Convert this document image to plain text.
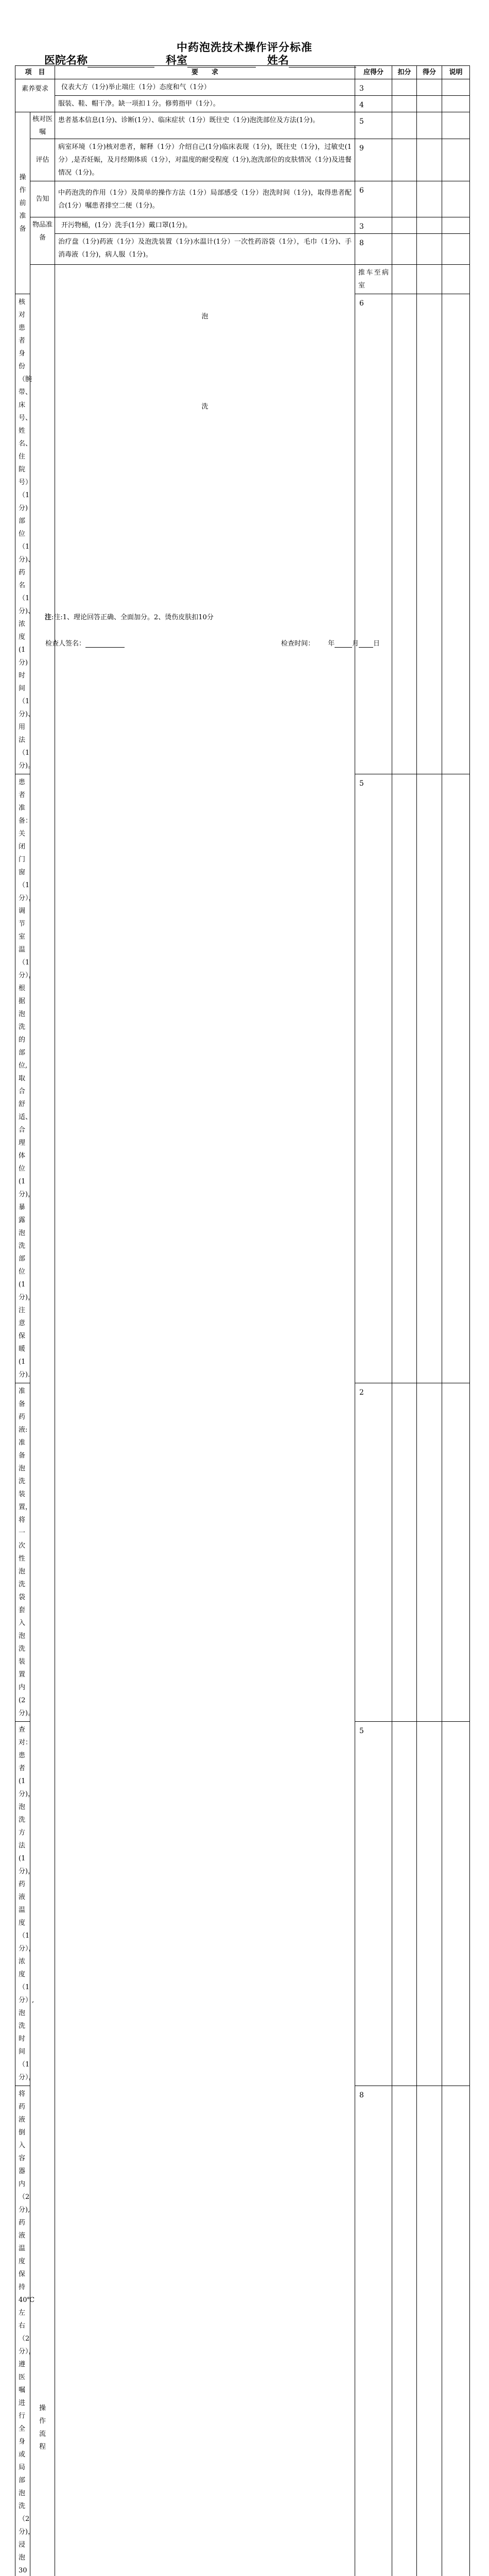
中药泡洗技术操作评分标准
医院名称	科室	姓名
项　目		要　　求	应得分	扣分	得分	说明	
素养要求		仪表大方（1分)举止端庄（1分）态度和气（1分）	3				
		服装、鞋、帽干净。缺一项扣１分。修剪指甲（1分）。	4				

操
作
前
准
备	核对医嘱	患者基本信息(1分)、诊断(1分）、临床症状（1分）既往史（1分)泡洗部位及方法(1分)。	5				
	评估	病室环境（1分)核对患者，解释（1分）介绍自己(1分)临床表现（1分)，既往史（1分)，过敏史(1分）,是否妊娠，及月经期体质（1分），对温度的耐受程度（1分),泡洗部位的皮肤情况（1分)及进餐情况（1分)。	9				
	告知	中药泡洗的作用（1分）及简单的操作方法（1分）局部感受（1分）泡洗时间（1分)，取得患者配合(1分）嘱患者排空二便（1分)。	6				
	物品准备	开污物桶，(1分）洗手(1分）戴口罩(1分)。	3				
		治疗盘（1分)药液（1分）及泡洗装置（1分)水温计(1分）一次性药浴袋（1分），毛巾（1分)、手消毒液（1分)，病人服（1分)。	8				

	操
作
流
程	泡
洗	推车至病室				
核对患者身份（腕带、床号、姓名、住院号）（1分)部位（1分)、药名（1分)、浓度(1分)时间（1分)、用法（1分)。			6				
患者准备：关闭门窗（1分），调节室温（1分），根据泡洗的部位,取合舒适、合理体位(1分)，暴露泡洗部位(1分)，注意保暖(1分).			5				
准备药液:准备泡洗装置，将一次性泡洗袋套入泡洗装置内(2分)。			2				
查对：患者(1分)，泡洗方法(1分)，药液温度（1分），浓度（1分）,泡洗时间（1分），			5				
将药液倒入容器内（2分),药液温度保持40℃左右（2分），遵医嘱进行全身或局部泡洗（2分)，浸泡30			8				

注:注:1、理论回答正确、全面加分。2、烫伤皮肤扣10分
检查人签名：	检查时间： 年	月 日
